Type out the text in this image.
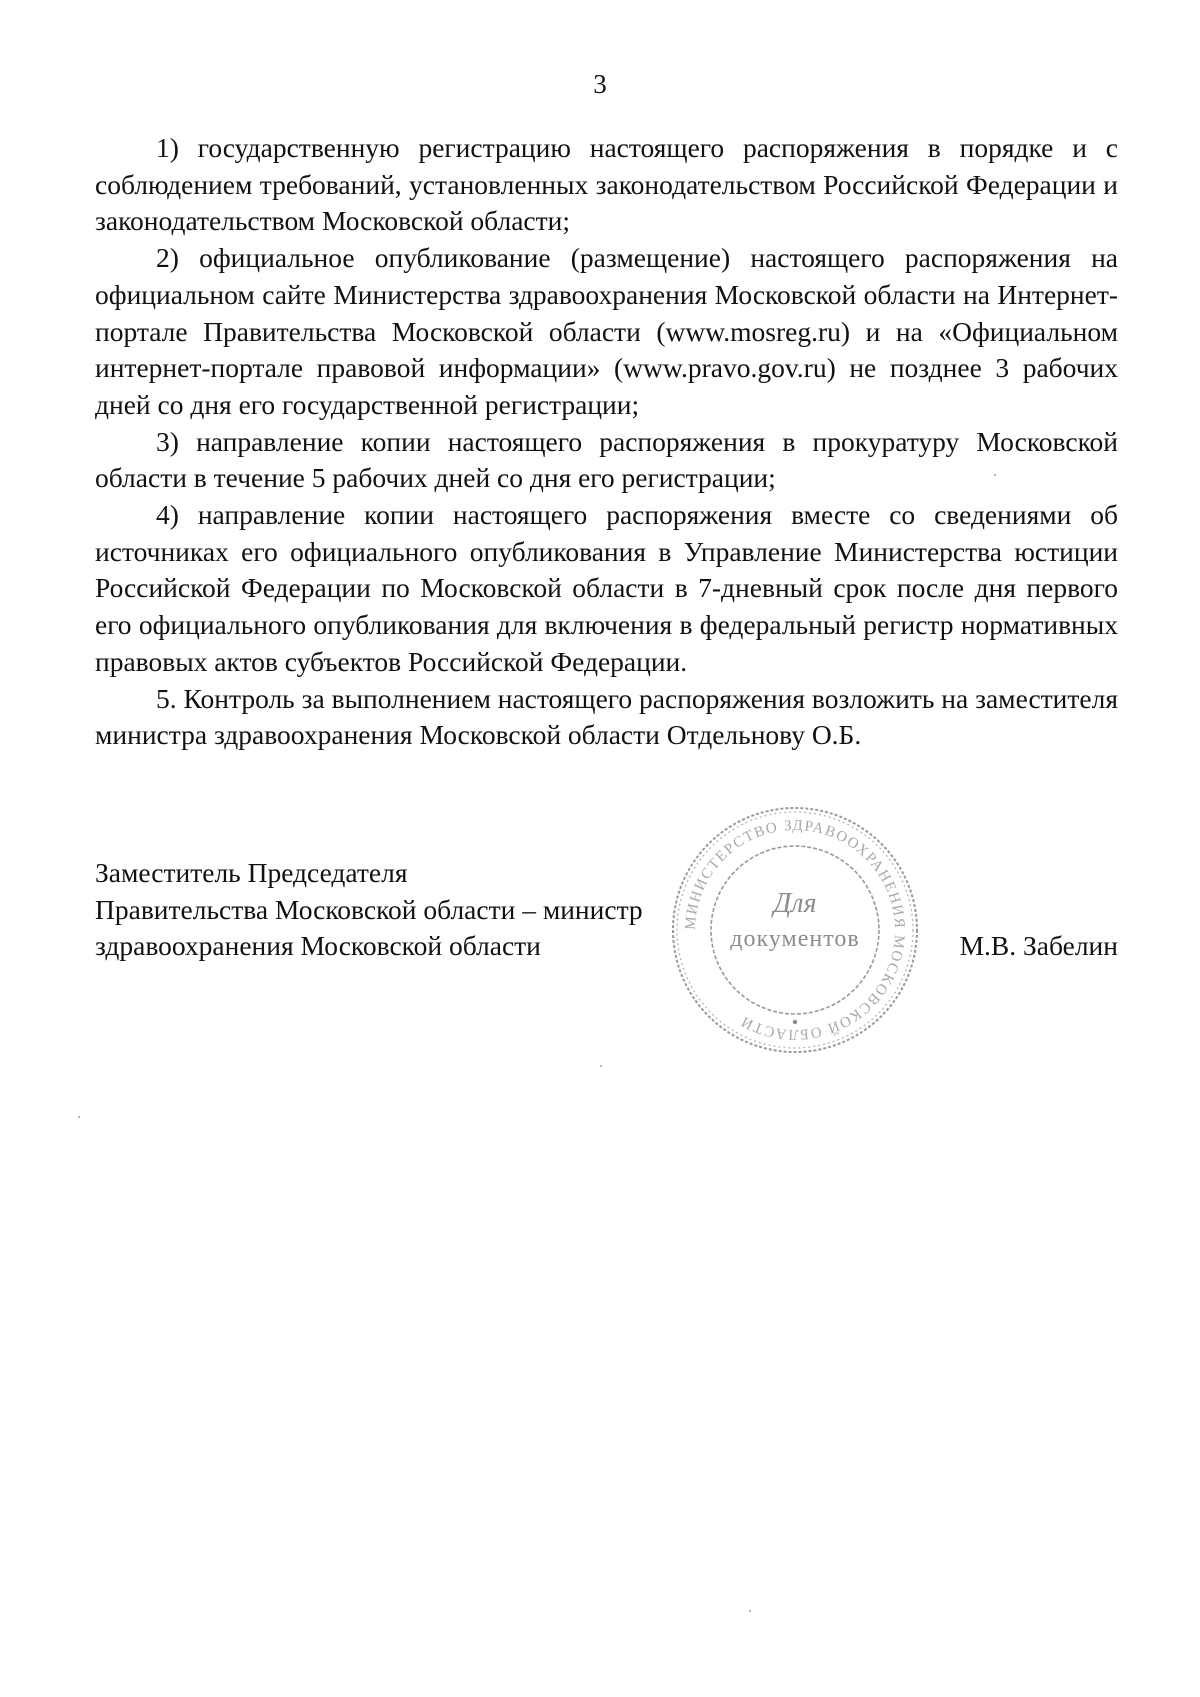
3

1) государственную регистрацию настоящего распоряжения в порядке и с соблюдением требований, установленных законодательством Российской Федерации и законодательством Московской области;

2) официальное опубликование (размещение) настоящего распоряжения на официальном сайте Министерства здравоохранения Московской области на Интернет-портале Правительства Московской области (www.mosreg.ru) и на «Официальном интернет-портале правовой информации» (www.pravo.gov.ru) не позднее 3 рабочих дней со дня его государственной регистрации;

3) направление копии настоящего распоряжения в прокуратуру Московской области в течение 5 рабочих дней со дня его регистрации;

4) направление копии настоящего распоряжения вместе со сведениями об источниках его официального опубликования в Управление Министерства юстиции Российской Федерации по Московской области в 7-дневный срок после дня первого его официального опубликования для включения в федеральный регистр нормативных правовых актов субъектов Российской Федерации.

5. Контроль за выполнением настоящего распоряжения возложить на заместителя министра здравоохранения Московской области Отдельнову О.Б.

Заместитель Председателя
Правительства Московской области – министр
здравоохранения Московской области	М.В. Забелин
МИНИСТЕРСТВО ЗДРАВООХРАНЕНИЯ МОСКОВСКОЙ ОБЛАСТИ
Для
документов
